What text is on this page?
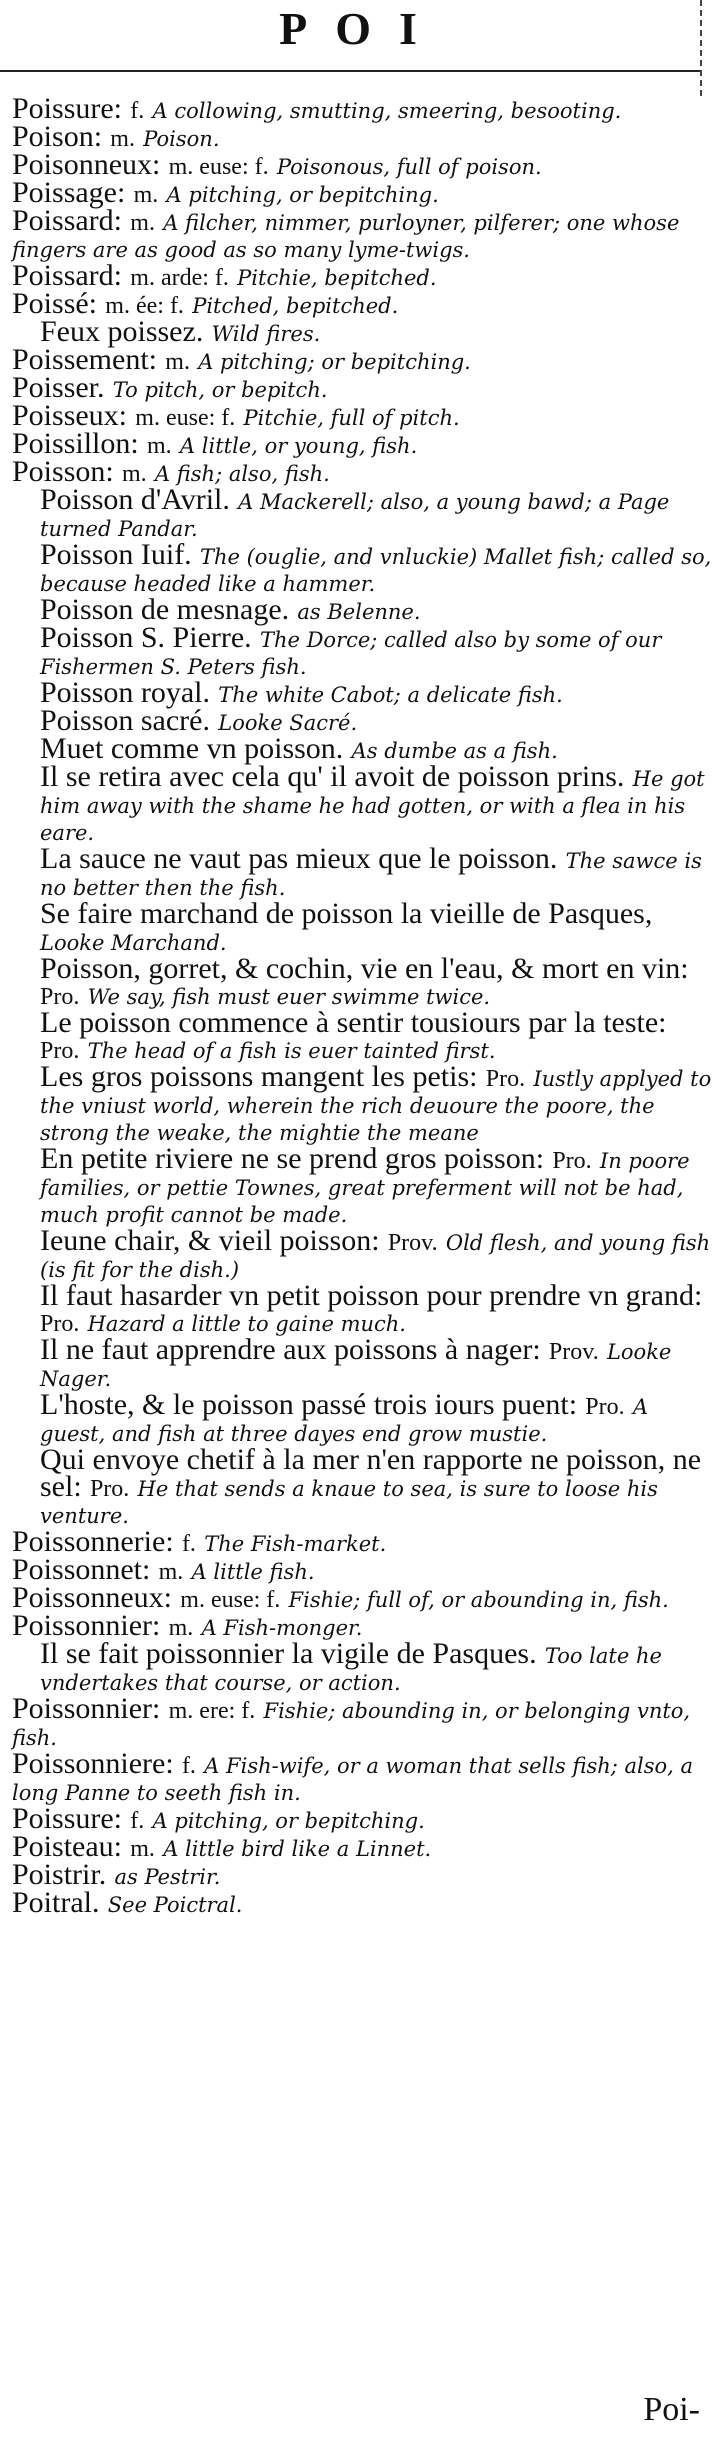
POI

Poissure: f. A collowing, smutting, smeering, besooting.

Poison: m. Poison.

Poisonneux: m. euse: f. Poisonous, full of poison.

Poissage: m. A pitching, or bepitching.

Poissard: m. A filcher, nimmer, purloyner, pilferer; one whose fingers are as good as so many lyme-twigs.

Poissard: m. arde: f. Pitchie, bepitched.

Poissé: m. ée: f. Pitched, bepitched.

Feux poissez. Wild fires.

Poissement: m. A pitching; or bepitching.

Poisser. To pitch, or bepitch.

Poisseux: m. euse: f. Pitchie, full of pitch.

Poissillon: m. A little, or young, fish.

Poisson: m. A fish; also, fish.

Poisson d'Avril. A Mackerell; also, a young bawd; a Page turned Pandar.

Poisson Iuif. The (ouglie, and vnluckie) Mallet fish; called so, because headed like a hammer.

Poisson de mesnage. as Belenne.

Poisson S. Pierre. The Dorce; called also by some of our Fishermen S. Peters fish.

Poisson royal. The white Cabot; a delicate fish.

Poisson sacré. Looke Sacré.

Muet comme vn poisson. As dumbe as a fish.

Il se retira avec cela qu' il avoit de poisson prins. He got him away with the shame he had gotten, or with a flea in his eare.

La sauce ne vaut pas mieux que le poisson. The sawce is no better then the fish.

Se faire marchand de poisson la vieille de Pasques, Looke Marchand.

Poisson, gorret, & cochin, vie en l'eau, & mort en vin: Pro. We say, fish must euer swimme twice.

Le poisson commence à sentir tousiours par la teste: Pro. The head of a fish is euer tainted first.

Les gros poissons mangent les petis: Pro. Iustly applyed to the vniust world, wherein the rich deuoure the poore, the strong the weake, the mightie the meane

En petite riviere ne se prend gros poisson: Pro. In poore families, or pettie Townes, great preferment will not be had, much profit cannot be made.

Ieune chair, & vieil poisson: Prov. Old flesh, and young fish (is fit for the dish.)

Il faut hasarder vn petit poisson pour prendre vn grand: Pro. Hazard a little to gaine much.

Il ne faut apprendre aux poissons à nager: Prov. Looke Nager.

L'hoste, & le poisson passé trois iours puent: Pro. A guest, and fish at three dayes end grow mustie.

Qui envoye chetif à la mer n'en rapporte ne poisson, ne sel: Pro. He that sends a knaue to sea, is sure to loose his venture.

Poissonnerie: f. The Fish-market.

Poissonnet: m. A little fish.

Poissonneux: m. euse: f. Fishie; full of, or abounding in, fish.

Poissonnier: m. A Fish-monger.

Il se fait poissonnier la vigile de Pasques. Too late he vndertakes that course, or action.

Poissonnier: m. ere: f. Fishie; abounding in, or belonging vnto, fish.

Poissonniere: f. A Fish-wife, or a woman that sells fish; also, a long Panne to seeth fish in.

Poissure: f. A pitching, or bepitching.

Poisteau: m. A little bird like a Linnet.

Poistrir. as Pestrir.

Poitral. See Poictral.

Poi-
